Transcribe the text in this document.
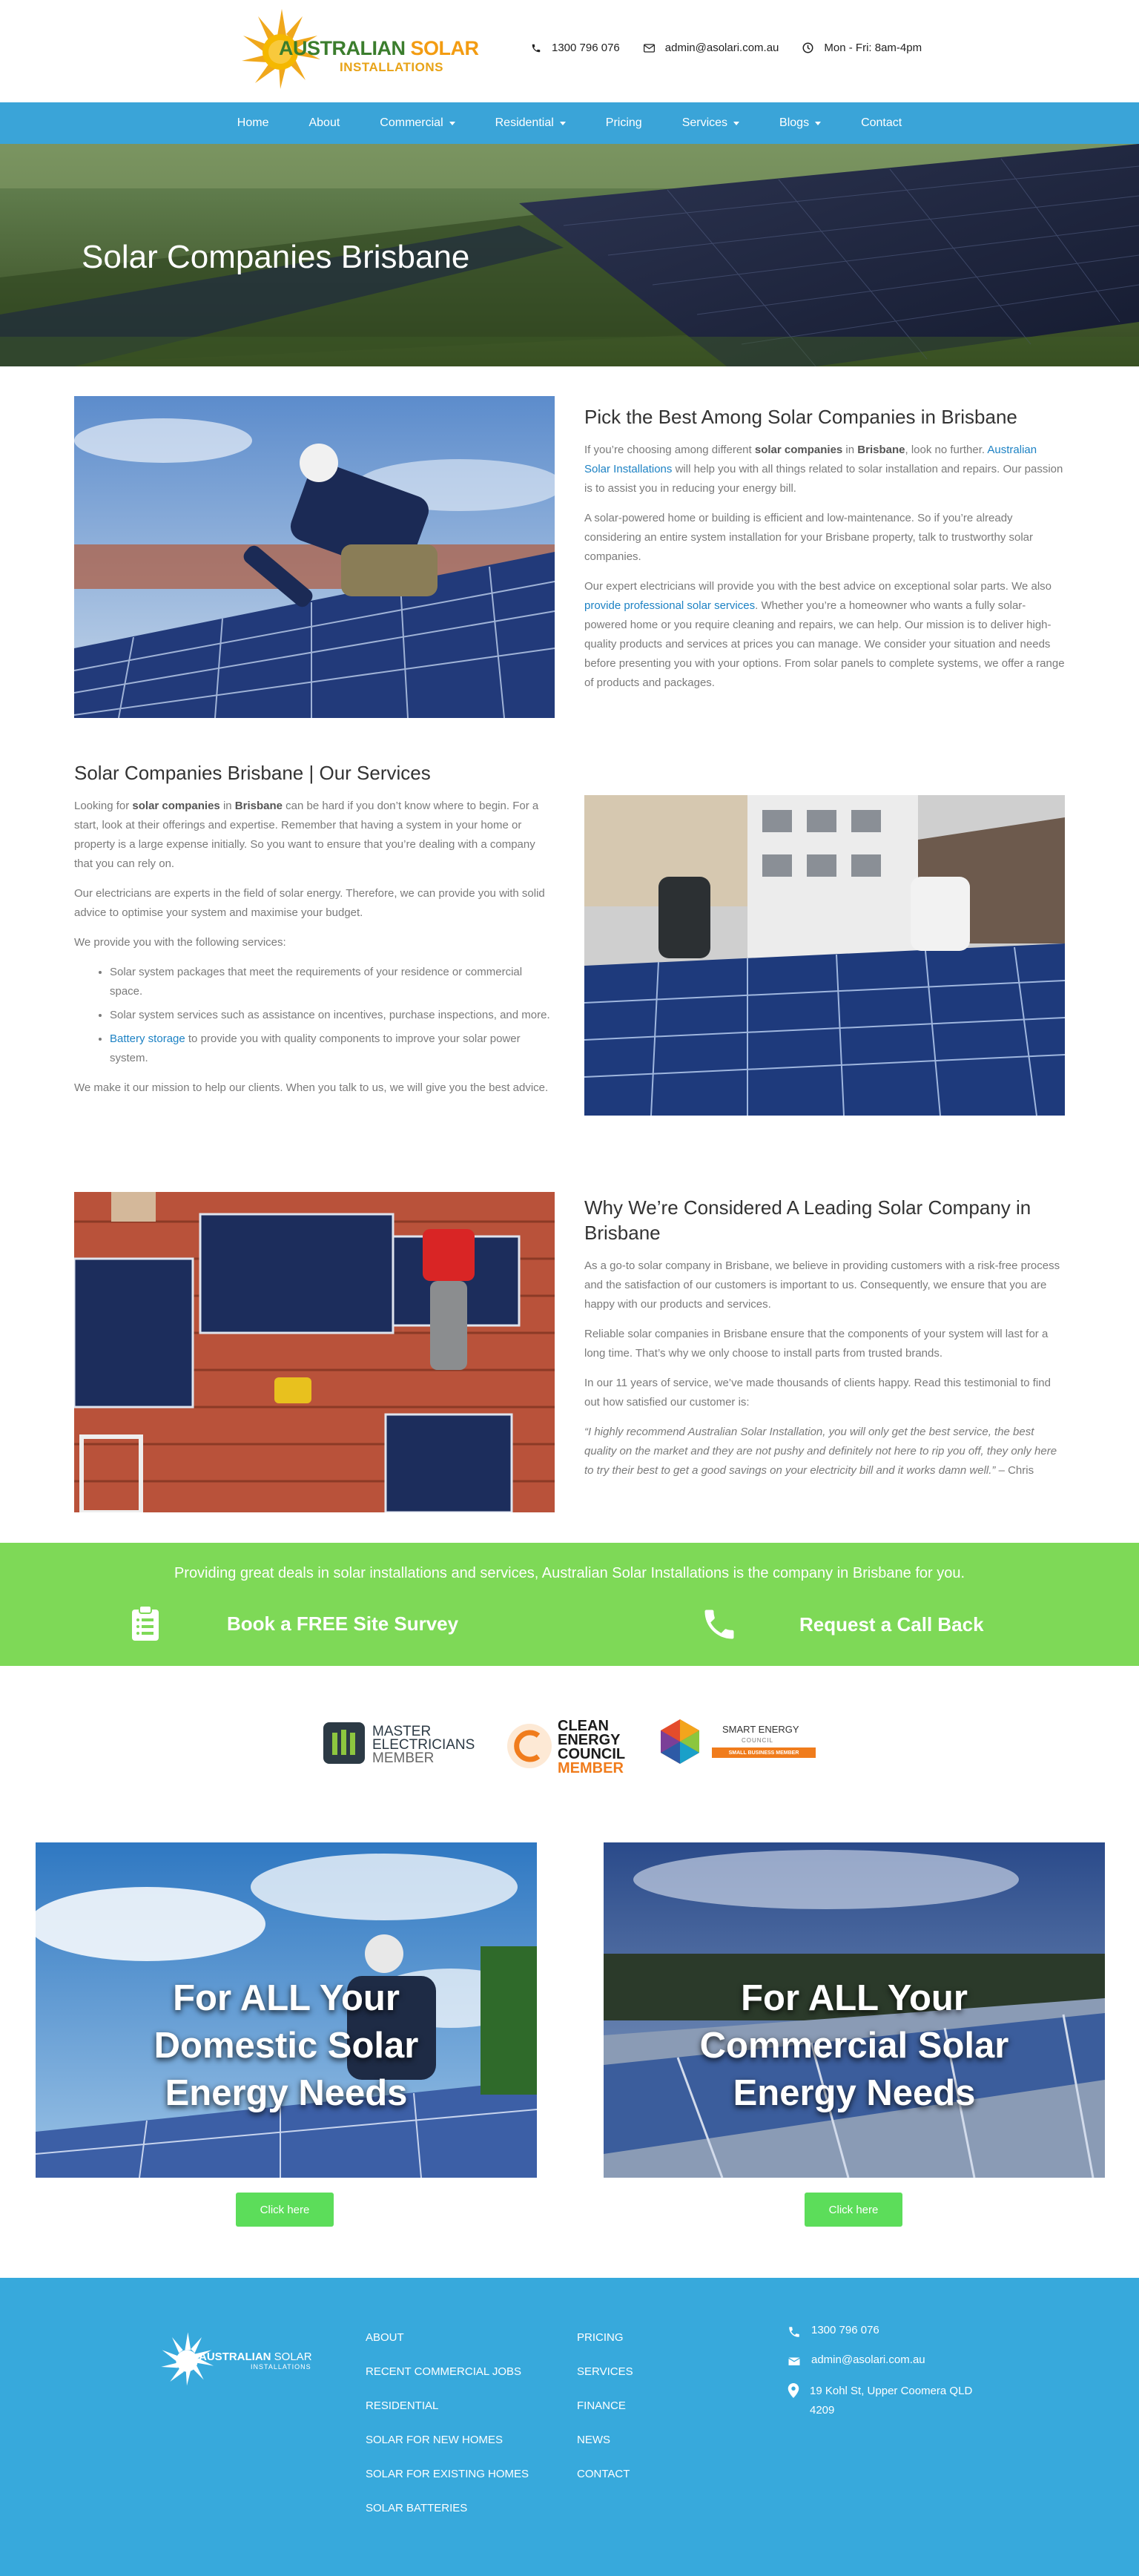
AUSTRALIAN SOLAR
INSTALLATIONS
1300 796 076	admin@asolari.com.au	Mon - Fri: 8am-4pm
Home	About	Commercial	Residential	Pricing	Services	Blogs	Contact
Solar Companies Brisbane
Pick the Best Among Solar Companies in Brisbane

If you’re choosing among different solar companies in Brisbane, look no further. Australian Solar Installations will help you with all things related to solar installation and repairs. Our passion is to assist you in reducing your energy bill.

A solar-powered home or building is efficient and low-maintenance. So if you’re already considering an entire system installation for your Brisbane property, talk to trustworthy solar companies.

Our expert electricians will provide you with the best advice on exceptional solar parts. We also provide professional solar services. Whether you’re a homeowner who wants a fully solar-powered home or you require cleaning and repairs, we can help. Our mission is to deliver high-quality products and services at prices you can manage. We consider your situation and needs before presenting you with your options. From solar panels to complete systems, we offer a range of products and packages.

Solar Companies Brisbane | Our Services

Looking for solar companies in Brisbane can be hard if you don’t know where to begin. For a start, look at their offerings and expertise. Remember that having a system in your home or property is a large expense initially. So you want to ensure that you’re dealing with a company that you can rely on.

Our electricians are experts in the field of solar energy. Therefore, we can provide you with solid advice to optimise your system and maximise your budget.

We provide you with the following services:

• Solar system packages that meet the requirements of your residence or commercial space.
• Solar system services such as assistance on incentives, purchase inspections, and more.
• Battery storage to provide you with quality components to improve your solar power system.

We make it our mission to help our clients. When you talk to us, we will give you the best advice.

Why We’re Considered A Leading Solar Company in Brisbane

As a go-to solar company in Brisbane, we believe in providing customers with a risk-free process and the satisfaction of our customers is important to us. Consequently, we ensure that you are happy with our products and services.

Reliable solar companies in Brisbane ensure that the components of your system will last for a long time. That’s why we only choose to install parts from trusted brands.

In our 11 years of service, we’ve made thousands of clients happy. Read this testimonial to find out how satisfied our customer is:

“I highly recommend Australian Solar Installation, you will only get the best service, the best quality on the market and they are not pushy and definitely not here to rip you off, they only here to try their best to get a good savings on your electricity bill and it works damn well.” – Chris

Providing great deals in solar installations and services, Australian Solar Installations is the company in Brisbane for you.
Book a FREE Site Survey	Request a Call Back
MASTER
ELECTRICIANS
MEMBER
CLEAN
ENERGY
COUNCIL
MEMBER
SMART ENERGY
COUNCIL
SMALL BUSINESS MEMBER
For ALL Your Domestic Solar Energy Needs
Click here
For ALL Your Commercial Solar Energy Needs
Click here
AUSTRALIAN SOLAR
INSTALLATIONS
ABOUT
RECENT COMMERCIAL JOBS
RESIDENTIAL
SOLAR FOR NEW HOMES
SOLAR FOR EXISTING HOMES
SOLAR BATTERIES
PRICING
SERVICES
FINANCE
NEWS
CONTACT
1300 796 076
admin@asolari.com.au
19 Kohl St, Upper Coomera QLD 4209
